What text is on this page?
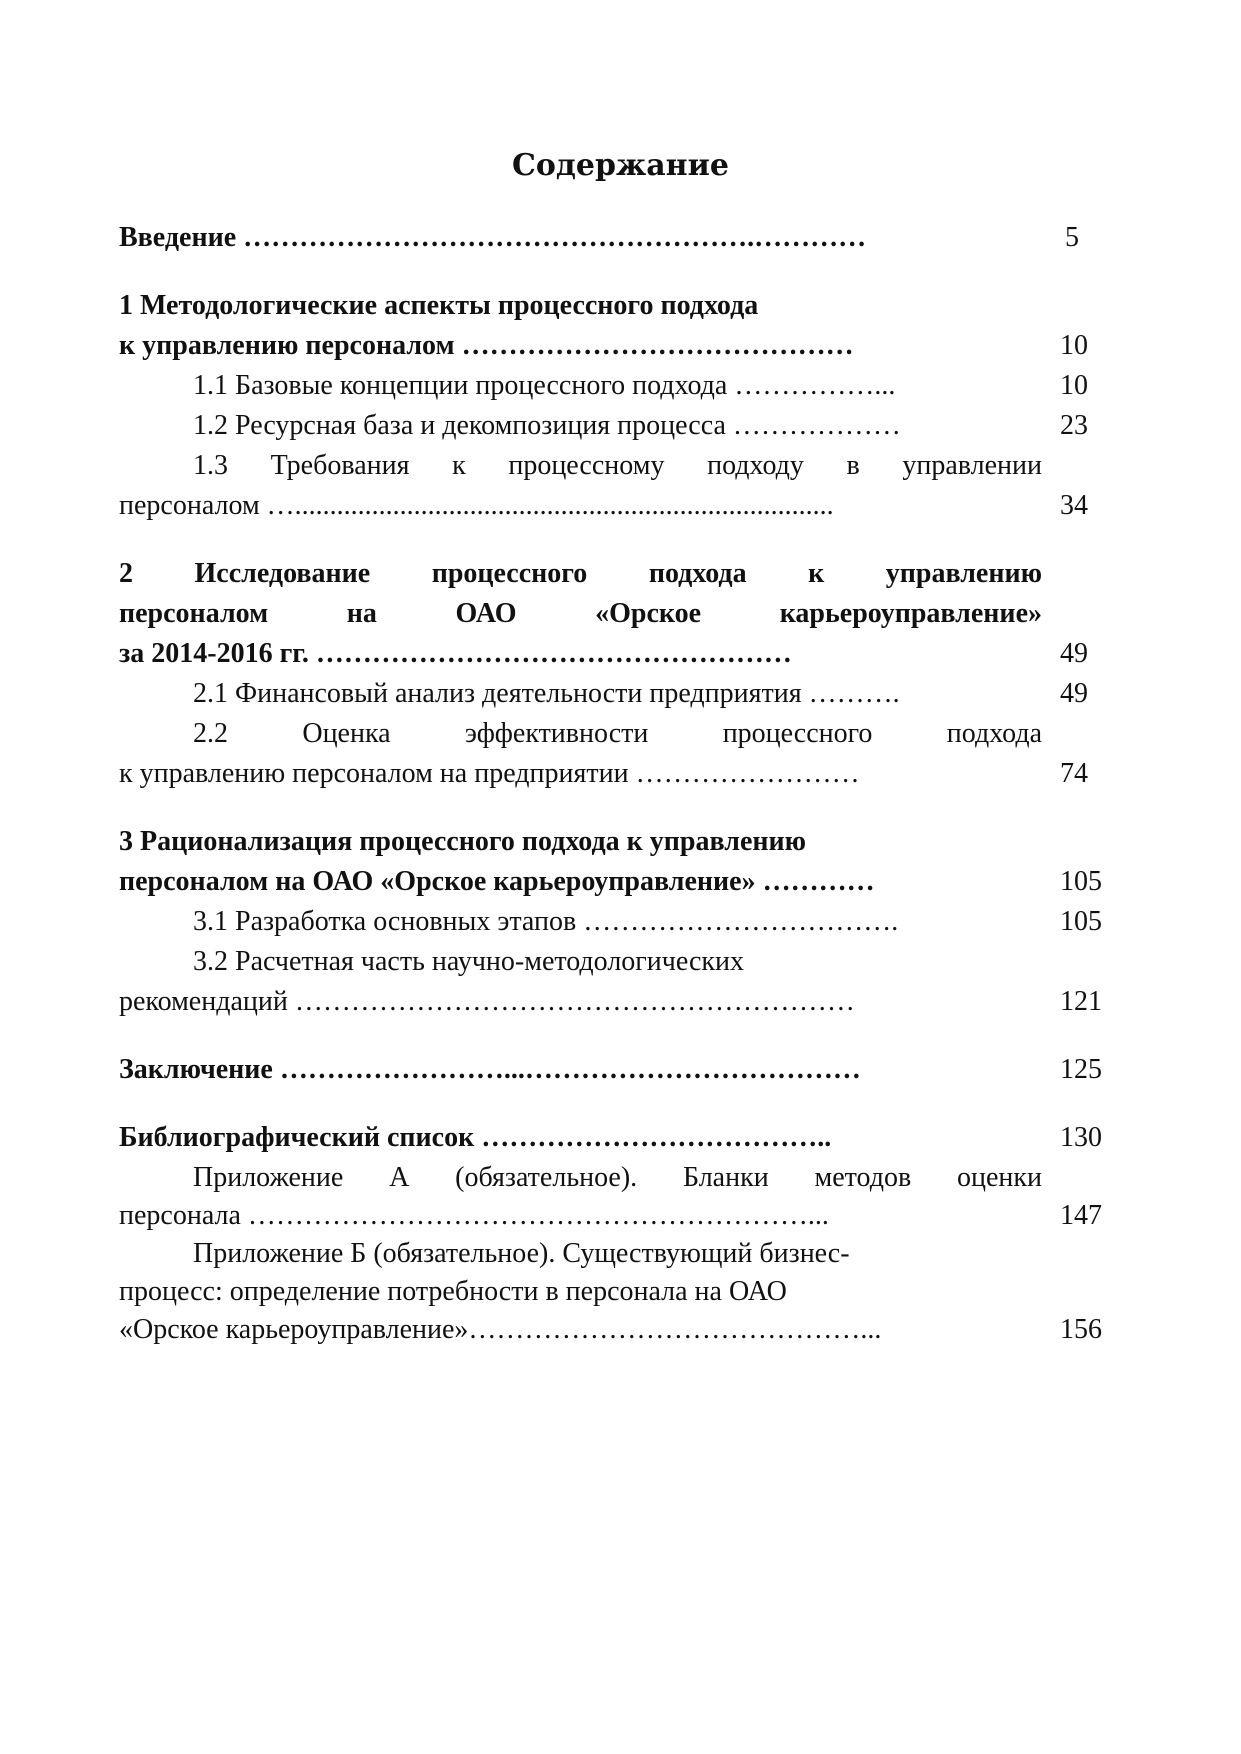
Содержание
Введение ……………………………………………….…………	5
1 Методологические аспекты процессного подхода
к управлению персоналом ……………………………………	10
1.1 Базовые концепции процессного подхода ……………...	10
1.2 Ресурсная база и декомпозиция процесса ………………	23
1.3 Требования к процессному подходу в управлении
персоналом ….............................................................................	34
2 Исследование процессного подхода к управлению
персоналом на ОАО «Орское карьероуправление»
за 2014-2016 гг. ……………………………………………	49
2.1 Финансовый анализ деятельности предприятия ……….	49
2.2 Оценка эффективности процессного подхода
к управлению персоналом на предприятии ……………………	74
3 Рационализация процессного подхода к управлению
персоналом на ОАО «Орское карьероуправление» …………	105
3.1 Разработка основных этапов …………………………….	105
3.2 Расчетная часть научно-методологических
рекомендаций ……………………………………………………	121
Заключение ……………………...………………………………	125
Библиографический список ………………………………..	130
Приложение А (обязательное). Бланки методов оценки
персонала ……………………………………………………...	147
Приложение Б (обязательное). Существующий бизнес-
процесс: определение потребности в персонала на ОАО
«Орское карьероуправление»……………………………………...	156
